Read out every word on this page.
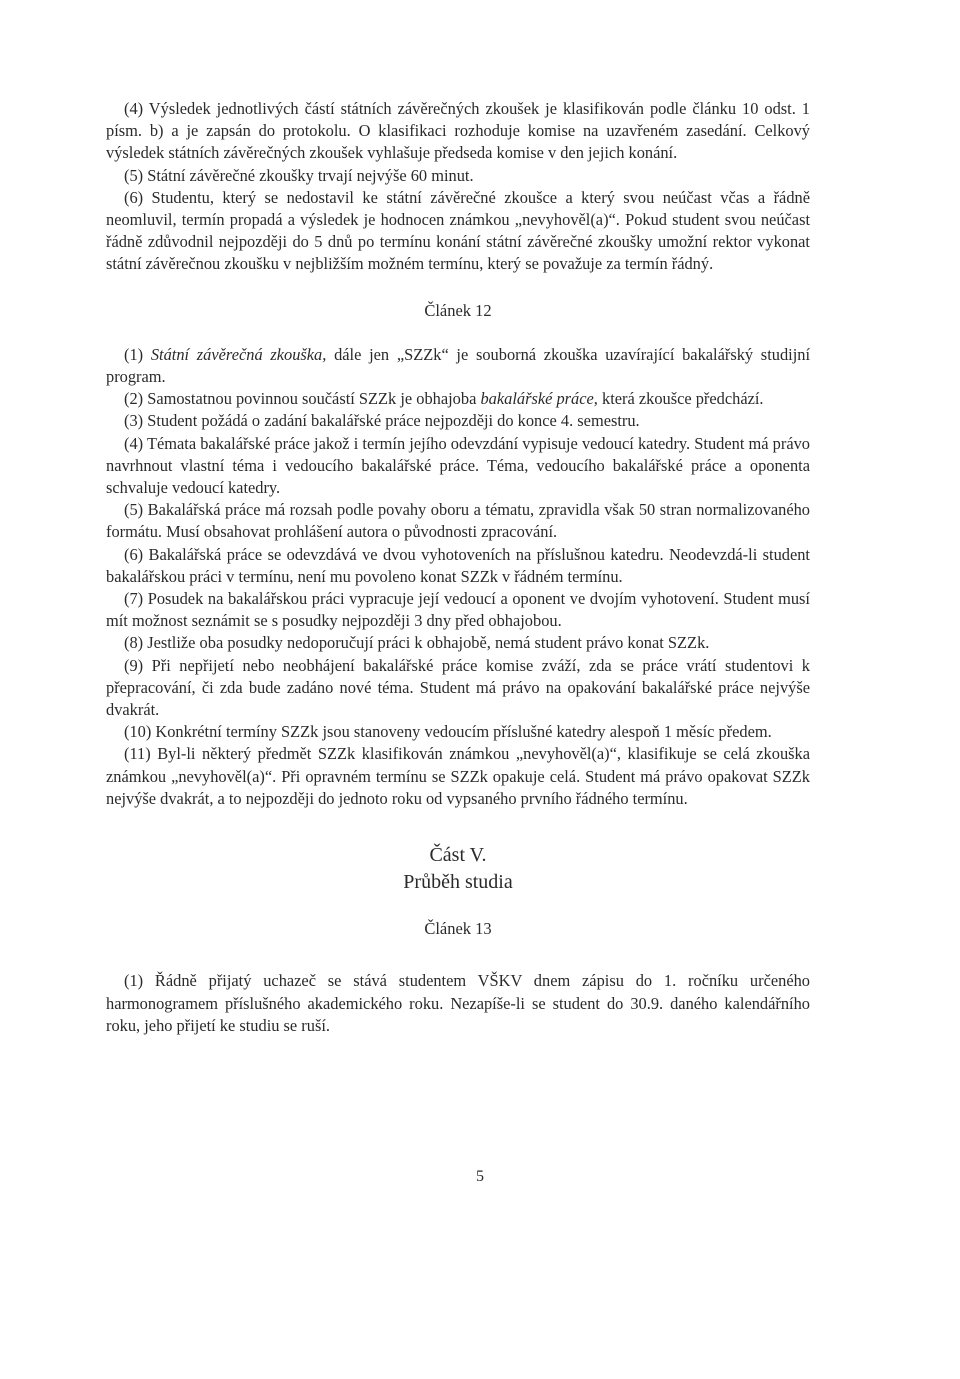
(4) Výsledek jednotlivých částí státních závěrečných zkoušek je klasifikován podle článku 10 odst. 1 písm. b) a je zapsán do protokolu. O klasifikaci rozhoduje komise na uzavřeném zasedání. Celkový výsledek státních závěrečných zkoušek vyhlašuje předseda komise v den jejich konání.

(5) Státní závěrečné zkoušky trvají nejvýše 60 minut.

(6) Studentu, který se nedostavil ke státní závěrečné zkoušce a který svou neúčast včas a řádně neomluvil, termín propadá a výsledek je hodnocen známkou „nevyhověl(a)“. Pokud student svou neúčast řádně zdůvodnil nejpozději do 5 dnů po termínu konání státní závěrečné zkoušky umožní rektor vykonat státní závěrečnou zkoušku v nejbližším možném termínu, který se považuje za termín řádný.

Článek 12

(1) Státní závěrečná zkouška, dále jen „SZZk“ je souborná zkouška uzavírající bakalářský studijní program.

(2) Samostatnou povinnou součástí SZZk je obhajoba bakalářské práce, která zkoušce předchází.

(3) Student požádá o zadání bakalářské práce nejpozději do konce 4. semestru.

(4) Témata bakalářské práce jakož i termín jejího odevzdání vypisuje vedoucí katedry. Student má právo navrhnout vlastní téma i vedoucího bakalářské práce. Téma, vedoucího bakalářské práce a oponenta schvaluje vedoucí katedry.

(5) Bakalářská práce má rozsah podle povahy oboru a tématu, zpravidla však 50 stran normalizovaného formátu. Musí obsahovat prohlášení autora o původnosti zpracování.

(6) Bakalářská práce se odevzdává ve dvou vyhotoveních na příslušnou katedru. Neodevzdá-li student bakalářskou práci v termínu, není mu povoleno konat SZZk v řádném termínu.

(7) Posudek na bakalářskou práci vypracuje její vedoucí a oponent ve dvojím vyhotovení. Student musí mít možnost seznámit se s posudky nejpozději 3 dny před obhajobou.

(8) Jestliže oba posudky nedoporučují práci k obhajobě, nemá student právo konat SZZk.

(9) Při nepřijetí nebo neobhájení bakalářské práce komise zváží, zda se práce vrátí studentovi k přepracování, či zda bude zadáno nové téma. Student má právo na opakování bakalářské práce nejvýše dvakrát.

(10) Konkrétní termíny SZZk jsou stanoveny vedoucím příslušné katedry alespoň 1 měsíc předem.

(11) Byl-li některý předmět SZZk klasifikován známkou „nevyhověl(a)“, klasifikuje se celá zkouška známkou „nevyhověl(a)“. Při opravném termínu se SZZk opakuje celá. Student má právo opakovat SZZk nejvýše dvakrát, a to nejpozději do jednoto roku od vypsaného prvního řádného termínu.

Část V.

Průběh studia

Článek 13

(1) Řádně přijatý uchazeč se stává studentem VŠKV dnem zápisu do 1. ročníku určeného harmonogramem příslušného akademického roku. Nezapíše-li se student do 30.9. daného kalendářního roku, jeho přijetí ke studiu se ruší.

5
